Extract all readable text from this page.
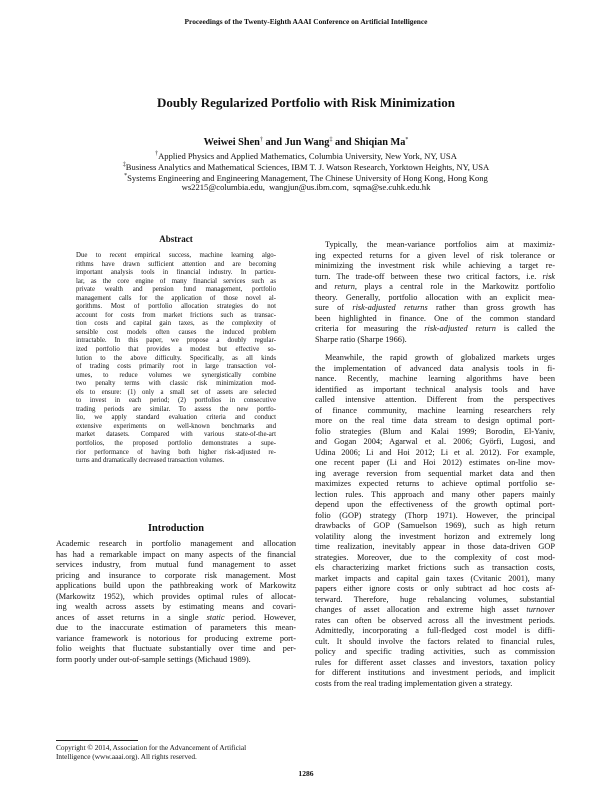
Proceedings of the Twenty-Eighth AAAI Conference on Artificial Intelligence
Doubly Regularized Portfolio with Risk Minimization
Weiwei Shen† and Jun Wang‡ and Shiqian Ma*
†Applied Physics and Applied Mathematics, Columbia University, New York, NY, USA
‡Business Analytics and Mathematical Sciences, IBM T. J. Watson Research, Yorktown Heights, NY, USA
*Systems Engineering and Engineering Management, The Chinese University of Hong Kong, Hong Kong
ws2215@columbia.edu, wangjun@us.ibm.com, sqma@se.cuhk.edu.hk
Abstract
Due to recent empirical success, machine learning algo-
rithms have drawn sufficient attention and are becoming
important analysis tools in financial industry. In particu-
lar, as the core engine of many financial services such as
private wealth and pension fund management, portfolio
management calls for the application of those novel al-
gorithms. Most of portfolio allocation strategies do not
account for costs from market frictions such as transac-
tion costs and capital gain taxes, as the complexity of
sensible cost models often causes the induced problem
intractable. In this paper, we propose a doubly regular-
ized portfolio that provides a modest but effective so-
lution to the above difficulty. Specifically, as all kinds
of trading costs primarily root in large transaction vol-
umes, to reduce volumes we synergistically combine
two penalty terms with classic risk minimization mod-
els to ensure: (1) only a small set of assets are selected
to invest in each period; (2) portfolios in consecutive
trading periods are similar. To assess the new portfo-
lio, we apply standard evaluation criteria and conduct
extensive experiments on well-known benchmarks and
market datasets. Compared with various state-of-the-art
portfolios, the proposed portfolio demonstrates a supe-
rior performance of having both higher risk-adjusted re-
turns and dramatically decreased transaction volumes.
Introduction
Academic research in portfolio management and allocation
has had a remarkable impact on many aspects of the financial
services industry, from mutual fund management to asset
pricing and insurance to corporate risk management. Most
applications build upon the pathbreaking work of Markowitz
(Markowitz 1952), which provides optimal rules of allocat-
ing wealth across assets by estimating means and covari-
ances of asset returns in a single static period. However,
due to the inaccurate estimation of parameters this mean-
variance framework is notorious for producing extreme port-
folio weights that fluctuate substantially over time and per-
form poorly under out-of-sample settings (Michaud 1989).
Typically, the mean-variance portfolios aim at maximiz-
ing expected returns for a given level of risk tolerance or
minimizing the investment risk while achieving a target re-
turn. The trade-off between these two critical factors, i.e. risk
and return, plays a central role in the Markowitz portfolio
theory. Generally, portfolio allocation with an explicit mea-
sure of risk-adjusted returns rather than gross growth has
been highlighted in finance. One of the common standard
criteria for measuring the risk-adjusted return is called the
Sharpe ratio (Sharpe 1966).
Meanwhile, the rapid growth of globalized markets urges
the implementation of advanced data analysis tools in fi-
nance. Recently, machine learning algorithms have been
identified as important technical analysis tools and have
called intensive attention. Different from the perspectives
of finance community, machine learning researchers rely
more on the real time data stream to design optimal port-
folio strategies (Blum and Kalai 1999; Borodin, El-Yaniv,
and Gogan 2004; Agarwal et al. 2006; Györfi, Lugosi, and
Udina 2006; Li and Hoi 2012; Li et al. 2012). For example,
one recent paper (Li and Hoi 2012) estimates on-line mov-
ing average reversion from sequential market data and then
maximizes expected returns to achieve optimal portfolio se-
lection rules. This approach and many other papers mainly
depend upon the effectiveness of the growth optimal port-
folio (GOP) strategy (Thorp 1971). However, the principal
drawbacks of GOP (Samuelson 1969), such as high return
volatility along the investment horizon and extremely long
time realization, inevitably appear in those data-driven GOP
strategies. Moreover, due to the complexity of cost mod-
els characterizing market frictions such as transaction costs,
market impacts and capital gain taxes (Cvitanic 2001), many
papers either ignore costs or only subtract ad hoc costs af-
terward. Therefore, huge rebalancing volumes, substantial
changes of asset allocation and extreme high asset turnover
rates can often be observed across all the investment periods.
Admittedly, incorporating a full-fledged cost model is diffi-
cult. It should involve the factors related to financial rules,
policy and specific trading activities, such as commission
rules for different asset classes and investors, taxation policy
for different institutions and investment periods, and implicit
costs from the real trading implementation given a strategy.
Copyright © 2014, Association for the Advancement of Artificial
Intelligence (www.aaai.org). All rights reserved.
1286
